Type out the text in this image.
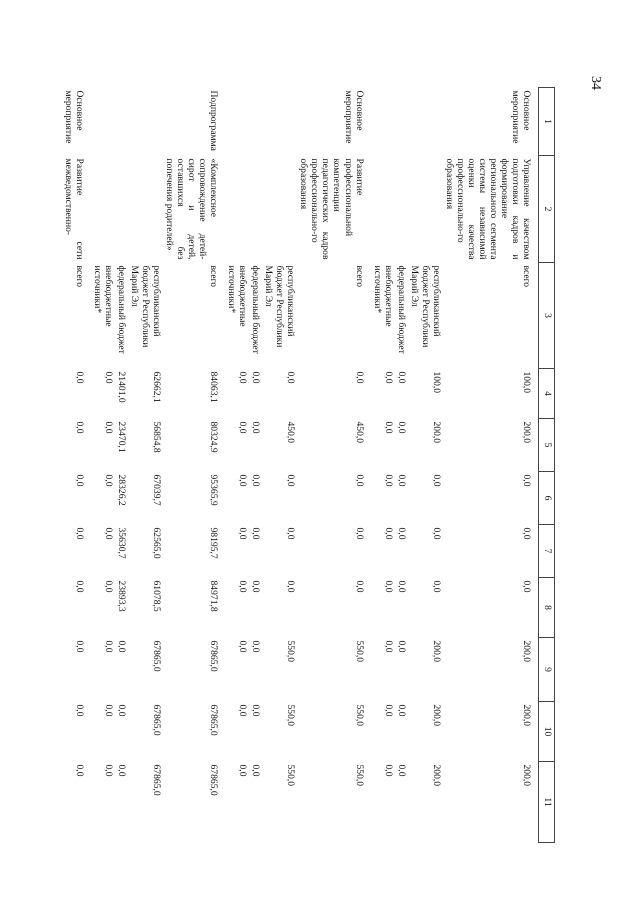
34
1	2	3	4	5	6	7	8	9	10	11
Основное мероприятие	Управление качеством подготовки кадров и формирование регионального сегмента системы независимой оценки качества профессионально-го образования	всего	100,0	200,0	0,0	0,0	0,0	200,0	200,0	200,0
		республиканский бюджет Республики Марий Эл	100,0	200,0	0,0	0,0	0,0	200,0	200,0	200,0
		федеральный бюджет	0,0	0,0	0,0	0,0	0,0	0,0	0,0	0,0
		внебюджетные источники*	0,0	0,0	0,0	0,0	0,0	0,0	0,0	0,0
Основное мероприятие	Развитие профессиональной компетенции педагогических кадров профессионально-го образования	всего	0,0	450,0	0,0	0,0	0,0	550,0	550,0	550,0
		республиканский бюджет Республики Марий Эл	0,0	450,0	0,0	0,0	0,0	550,0	550,0	550,0
		федеральный бюджет	0,0	0,0	0,0	0,0	0,0	0,0	0,0	0,0
		внебюджетные источники*	0,0	0,0	0,0	0,0	0,0	0,0	0,0	0,0
Подпрограмма	«Комплексное сопровождение детей-сирот и детей, оставшихся без попечения родителей»	всего	84063,1	80324,9	95365,9	98195,7	84971,8	67865,0	67865,0	67865,0
		республиканский бюджет Республики Марий Эл	62662,1	56854,8	67039,7	62565,0	61078,5	67865,0	67865,0	67865,0
		федеральный бюджет	21401,0	23470,1	28326,2	35630,7	23893,3	0,0	0,0	0,0
		внебюджетные источники*	0,0	0,0	0,0	0,0	0,0	0,0	0,0	0,0
Основное мероприятие	Развитие сети межведомственно-	всего	0,0	0,0	0,0	0,0	0,0	0,0	0,0	0,0
